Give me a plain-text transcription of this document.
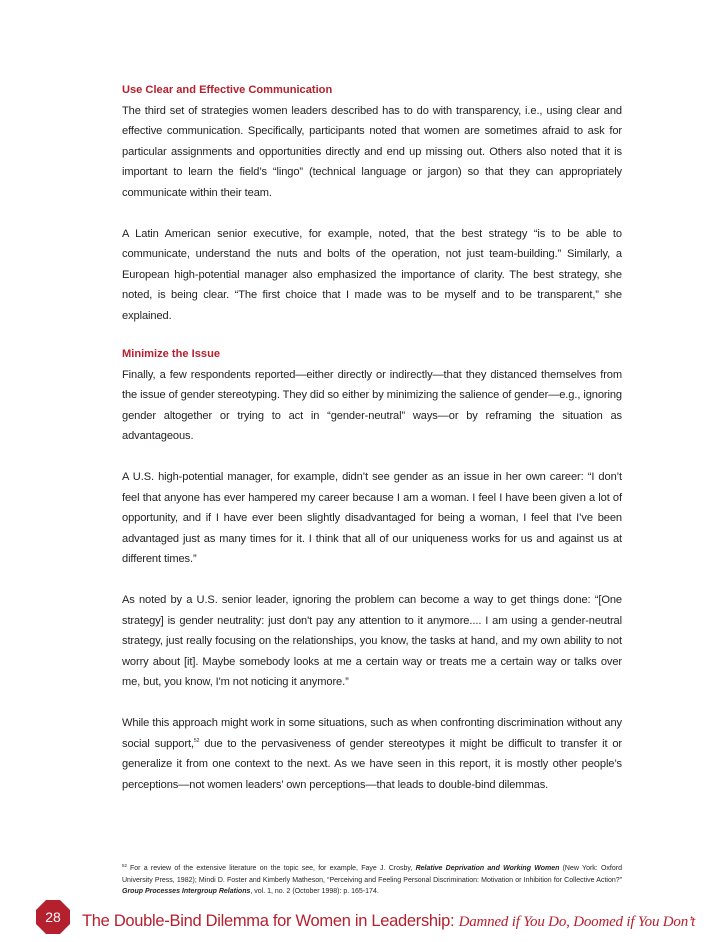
Use Clear and Effective Communication

The third set of strategies women leaders described has to do with transparency, i.e., using clear and effective communication. Specifically, participants noted that women are sometimes afraid to ask for particular assignments and opportunities directly and end up missing out. Others also noted that it is important to learn the field’s “lingo” (technical language or jargon) so that they can appropriately communicate within their team.

A Latin American senior executive, for example, noted, that the best strategy “is to be able to communicate, understand the nuts and bolts of the operation, not just team-building.” Similarly, a European high-potential manager also emphasized the importance of clarity. The best strategy, she noted, is being clear. “The first choice that I made was to be myself and to be transparent,” she explained.

Minimize the Issue

Finally, a few respondents reported—either directly or indirectly—that they distanced themselves from the issue of gender stereotyping. They did so either by minimizing the salience of gender—e.g., ignoring gender altogether or trying to act in “gender-neutral” ways—or by reframing the situation as advantageous.

A U.S. high-potential manager, for example, didn’t see gender as an issue in her own career: “I don’t feel that anyone has ever hampered my career because I am a woman. I feel I have been given a lot of opportunity, and if I have ever been slightly disadvantaged for being a woman, I feel that I’ve been advantaged just as many times for it. I think that all of our uniqueness works for us and against us at different times.”

As noted by a U.S. senior leader, ignoring the problem can become a way to get things done: “[One strategy] is gender neutrality: just don't pay any attention to it anymore.... I am using a gender-neutral strategy, just really focusing on the relationships, you know, the tasks at hand, and my own ability to not worry about [it]. Maybe somebody looks at me a certain way or treats me a certain way or talks over me, but, you know, I'm not noticing it anymore.”

While this approach might work in some situations, such as when confronting discrimination without any social support,$^{52}$ due to the pervasiveness of gender stereotypes it might be difficult to transfer it or generalize it from one context to the next. As we have seen in this report, it is mostly other people’s perceptions—not women leaders’ own perceptions—that leads to double-bind dilemmas.

$^{52}$ For a review of the extensive literature on the topic see, for example, Faye J. Crosby, Relative Deprivation and Working Women (New York: Oxford University Press, 1982); Mindi D. Foster and Kimberly Matheson, “Perceiving and Feeling Personal Discrimination: Motivation or Inhibition for Collective Action?” Group Processes Intergroup Relations, vol. 1, no. 2 (October 1998): p. 165-174.
28	The Double-Bind Dilemma for Women in Leadership: Damned if You Do, Doomed if You Don’t
